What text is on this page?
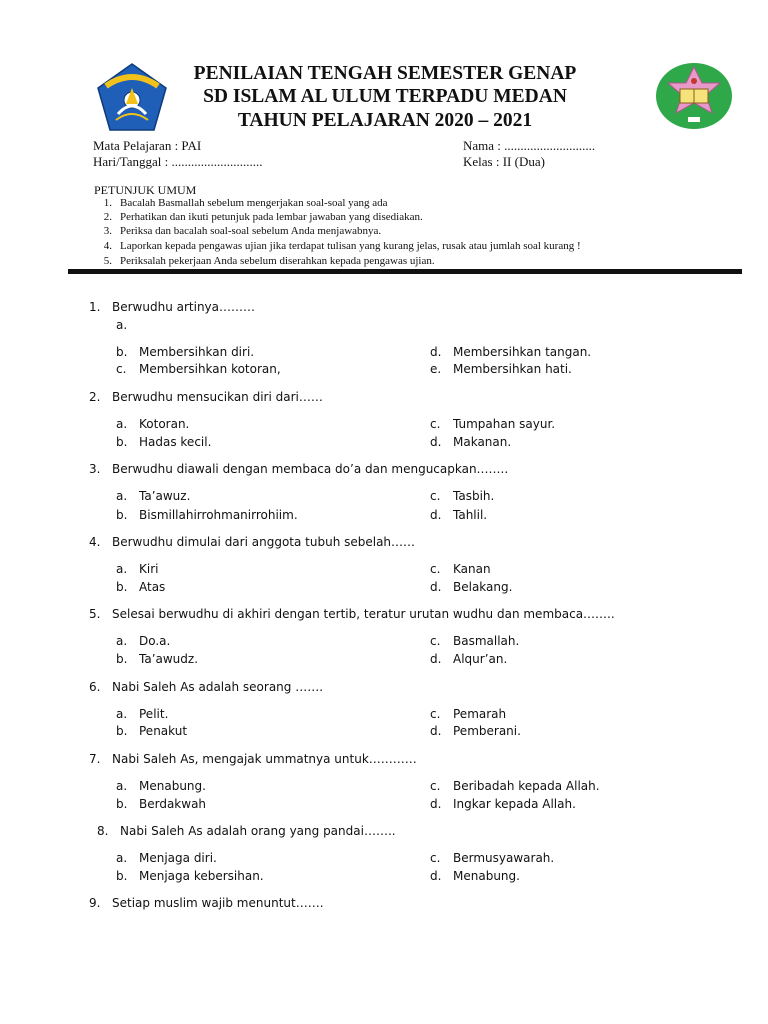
PENILAIAN TENGAH SEMESTER GENAP
SD ISLAM AL ULUM TERPADU MEDAN
TAHUN PELAJARAN 2020 – 2021
Mata Pelajaran : PAI
Hari/Tanggal : ............................
Nama : ............................
Kelas : II (Dua)
PETUNJUK UMUM
1. Bacalah Basmallah sebelum mengerjakan soal-soal yang ada
2. Perhatikan dan ikuti petunjuk pada lembar jawaban yang disediakan.
3. Periksa dan bacalah soal-soal sebelum Anda menjawabnya.
4. Laporkan kepada pengawas ujian jika terdapat tulisan yang kurang jelas, rusak atau jumlah soal kurang !
5. Periksalah pekerjaan Anda sebelum diserahkan kepada pengawas ujian.
1. Berwudhu artinya………
a.
b. Membersihkan diri.
c. Membersihkan kotoran,
d. Membersihkan tangan.
e. Membersihkan hati.
2. Berwudhu mensucikan diri dari……
a. Kotoran.
b. Hadas kecil.
c. Tumpahan sayur.
d. Makanan.
3. Berwudhu diawali dengan membaca do’a dan mengucapkan……..
a. Ta’awuz.
b. Bismillahirrohmanirrohiim.
c. Tasbih.
d. Tahlil.
4. Berwudhu dimulai dari anggota tubuh sebelah……
a. Kiri
b. Atas
c. Kanan
d. Belakang.
5. Selesai berwudhu di akhiri dengan tertib, teratur urutan wudhu dan membaca……..
a. Do.a.
b. Ta’awudz.
c. Basmallah.
d. Alqur’an.
6. Nabi Saleh As adalah seorang …….
a. Pelit.
b. Penakut
c. Pemarah
d. Pemberani.
7. Nabi Saleh As, mengajak ummatnya untuk…………
a. Menabung.
b. Berdakwah
c. Beribadah kepada Allah.
d. Ingkar kepada Allah.
8. Nabi Saleh As adalah orang yang pandai……..
a. Menjaga diri.
b. Menjaga kebersihan.
c. Bermusyawarah.
d. Menabung.
9. Setiap muslim wajib menuntut…….
